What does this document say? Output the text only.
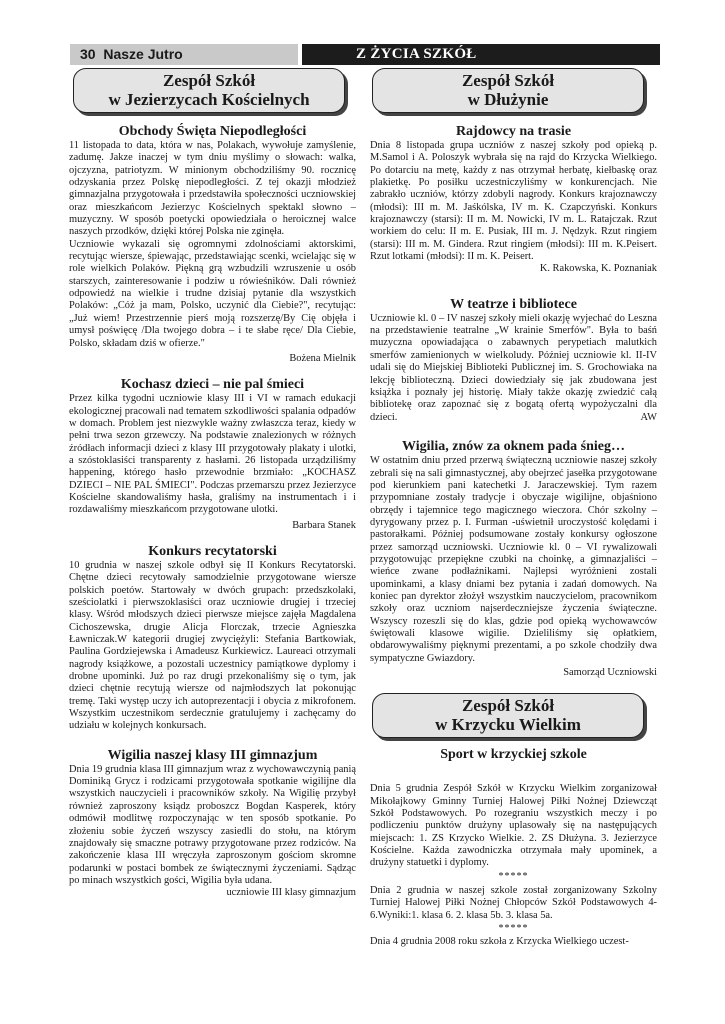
30 Nasze Jutro	Z ŻYCIA SZKÓŁ
Zespół Szkół
w Jezierzycach Kościelnych
Obchody Święta Niepodległości

11 listopada to data, która w nas, Polakach, wywołuje zamyślenie, zadumę. Jakze inaczej w tym dniu myślimy o słowach: walka, ojczyzna, patriotyzm. W minionym obchodziliśmy 90. rocznicę odzyskania przez Polskę niepodległości. Z tej okazji młodzież gimnazjalna przygotowała i przedstawiła społeczności uczniowskiej oraz mieszkańcom Jezierzyc Kościelnych spektakl słowno – muzyczny. W sposób poetycki opowiedziała o heroicznej walce naszych przodków, dzięki której Polska nie zginęła.

Uczniowie wykazali się ogromnymi zdolnościami aktorskimi, recytując wiersze, śpiewając, przedstawiając scenki, wcielając się w role wielkich Polaków. Piękną grą wzbudzili wzruszenie u osób starszych, zainteresowanie i podziw u rówieśników. Dali również odpowiedź na wielkie i trudne dzisiaj pytanie dla wszystkich Polaków: „Cóż ja mam, Polsko, uczynić dla Ciebie?", recytując: „Już wiem! Przestrzennie pierś moją rozszerzę/By Cię objęła i umysł poświęcę /Dla twojego dobra – i te słabe ręce/ Dla Ciebie, Polsko, składam dziś w ofierze."

Bożena Mielnik
Kochasz dzieci – nie pal śmieci

Przez kilka tygodni uczniowie klasy III i VI w ramach edukacji ekologicznej pracowali nad tematem szkodliwości spalania odpadów w domach. Problem jest niezwykle ważny zwłaszcza teraz, kiedy w pełni trwa sezon grzewczy. Na podstawie znalezionych w różnych źródłach informacji dzieci z klasy III przygotowały plakaty i ulotki, a szóstoklasiści transparenty z hasłami. 26 listopada urządziliśmy happening, którego hasło przewodnie brzmiało: „KOCHASZ DZIECI – NIE PAL ŚMIECI". Podczas przemarszu przez Jezierzyce Kościelne skandowaliśmy hasła, graliśmy na instrumentach i i rozdawaliśmy mieszkańcom przygotowane ulotki.

Barbara Stanek
Konkurs recytatorski

10 grudnia w naszej szkole odbył się II Konkurs Recytatorski. Chętne dzieci recytowały samodzielnie przygotowane wiersze polskich poetów. Startowały w dwóch grupach: przedszkolaki, sześciolatki i pierwszoklasiści oraz uczniowie drugiej i trzeciej klasy. Wśród młodszych dzieci pierwsze miejsce zajęła Magdalena Cichoszewska, drugie Alicja Florczak, trzecie Agnieszka Ławniczak.W kategorii drugiej zwyciężyli: Stefania Bartkowiak, Paulina Gordziejewska i Amadeusz Kurkiewicz. Laureaci otrzymali nagrody książkowe, a pozostali uczestnicy pamiątkowe dyplomy i drobne upominki. Już po raz drugi przekonaliśmy się o tym, jak dzieci chętnie recytują wiersze od najmłodszych lat pokonując tremę. Taki występ uczy ich autoprezentacji i obycia z mikrofonem. Wszystkim uczestnikom serdecznie gratulujemy i zachęcamy do udziału w kolejnych konkursach.

Wigilia naszej klasy III gimnazjum

Dnia 19 grudnia klasa III gimnazjum wraz z wychowawczynią panią Dominiką Grycz i rodzicami przygotowała spotkanie wigilijne dla wszystkich nauczycieli i pracowników szkoły. Na Wigilię przybył również zaproszony ksiądz proboszcz Bogdan Kasperek, który odmówił modlitwę rozpoczynając w ten sposób spotkanie. Po złożeniu sobie życzeń wszyscy zasiedli do stołu, na którym znajdowały się smaczne potrawy przygotowane przez rodziców. Na zakończenie klasa III wręczyła zaproszonym gościom skromne podarunki w postaci bombek ze świątecznymi życzeniami. Sądząc po minach wszystkich gości, Wigilia była udana.

uczniowie III klasy gimnazjum
Zespół Szkół
w Dłużynie
Rajdowcy na trasie

Dnia 8 listopada grupa uczniów z naszej szkoły pod opieką p. M.Samol i A. Poloszyk wybrała się na rajd do Krzycka Wielkiego. Po dotarciu na metę, każdy z nas otrzymał herbatę, kiełbaskę oraz plakietkę. Po posiłku uczestniczyliśmy w konkurencjach. Nie zabrakło uczniów, którzy zdobyli nagrody. Konkurs krajoznawczy (młodsi): III m. M. Jaśkólska, IV m. K. Czapczyński. Konkurs krajoznawczy (starsi): II m. M. Nowicki, IV m. L. Ratajczak. Rzut workiem do celu: II m. E. Pusiak, III m. J. Nędzyk. Rzut ringiem (starsi): III m. M. Gindera. Rzut ringiem (młodsi): III m. K.Peisert. Rzut lotkami (młodsi): II m. K. Peisert.

K. Rakowska, K. Poznaniak
W teatrze i bibliotece

Uczniowie kl. 0 – IV naszej szkoły mieli okazję wyjechać do Leszna na przedstawienie teatralne „W krainie Smerfów". Była to baśń muzyczna opowiadająca o zabawnych perypetiach malutkich smerfów zamienionych w wielkoludy. Później uczniowie kl. II-IV udali się do Miejskiej Biblioteki Publicznej im. S. Grochowiaka na lekcję biblioteczną. Dzieci dowiedziały się jak zbudowana jest książka i poznały jej historię. Miały także okazję zwiedzić całą bibliotekę oraz zapoznać się z bogatą ofertą wypożyczalni dla dzieci.	AW
Wigilia, znów za oknem pada śnieg…

W ostatnim dniu przed przerwą świąteczną uczniowie naszej szkoły zebrali się na sali gimnastycznej, aby obejrzeć jasełka przygotowane pod kierunkiem pani katechetki J. Jaraczewskiej. Tym razem przypomniane zostały tradycje i obyczaje wigilijne, objaśniono obrzędy i tajemnice tego magicznego wieczora. Chór szkolny – dyrygowany przez p. I. Furman -uświetnił uroczystość kolędami i pastorałkami. Później podsumowane zostały konkursy ogłoszone przez samorząd uczniowski. Uczniowie kl. 0 – VI rywalizowali przygotowując przepiękne czubki na choinkę, a gimnazjaliści – wieńce zwane podłaźnikami. Najlepsi wyróżnieni zostali upominkami, a klasy dniami bez pytania i zadań domowych. Na koniec pan dyrektor złożył wszystkim nauczycielom, pracownikom szkoły oraz uczniom najserdeczniejsze życzenia świąteczne. Wszyscy rozeszli się do klas, gdzie pod opieką wychowawców świętowali klasowe wigilie. Dzieliliśmy się opłatkiem, obdarowywaliśmy pięknymi prezentami, a po szkole chodziły dwa sympatyczne Gwiazdory.

Samorząd Uczniowski
Zespół Szkół
w Krzycku Wielkim
Sport w krzyckiej szkole

Dnia 5 grudnia Zespół Szkół w Krzycku Wielkim zorganizował Mikołajkowy Gminny Turniej Halowej Piłki Nożnej Dziewcząt Szkół Podstawowych. Po rozegraniu wszystkich meczy i po podliczeniu punktów drużyny uplasowały się na następujących miejscach: 1. ZS Krzycko Wielkie. 2. ZS Dłużyna. 3. Jezierzyce Kościelne. Każda zawodniczka otrzymała mały upominek, a drużyny statuetki i dyplomy.

*****

Dnia 2 grudnia w naszej szkole został zorganizowany Szkolny Turniej Halowej Piłki Nożnej Chłopców Szkół Podstawowych 4-6.Wyniki:1. klasa 6. 2. klasa 5b. 3. klasa 5a.

*****

Dnia 4 grudnia 2008 roku szkoła z Krzycka Wielkiego uczest-
